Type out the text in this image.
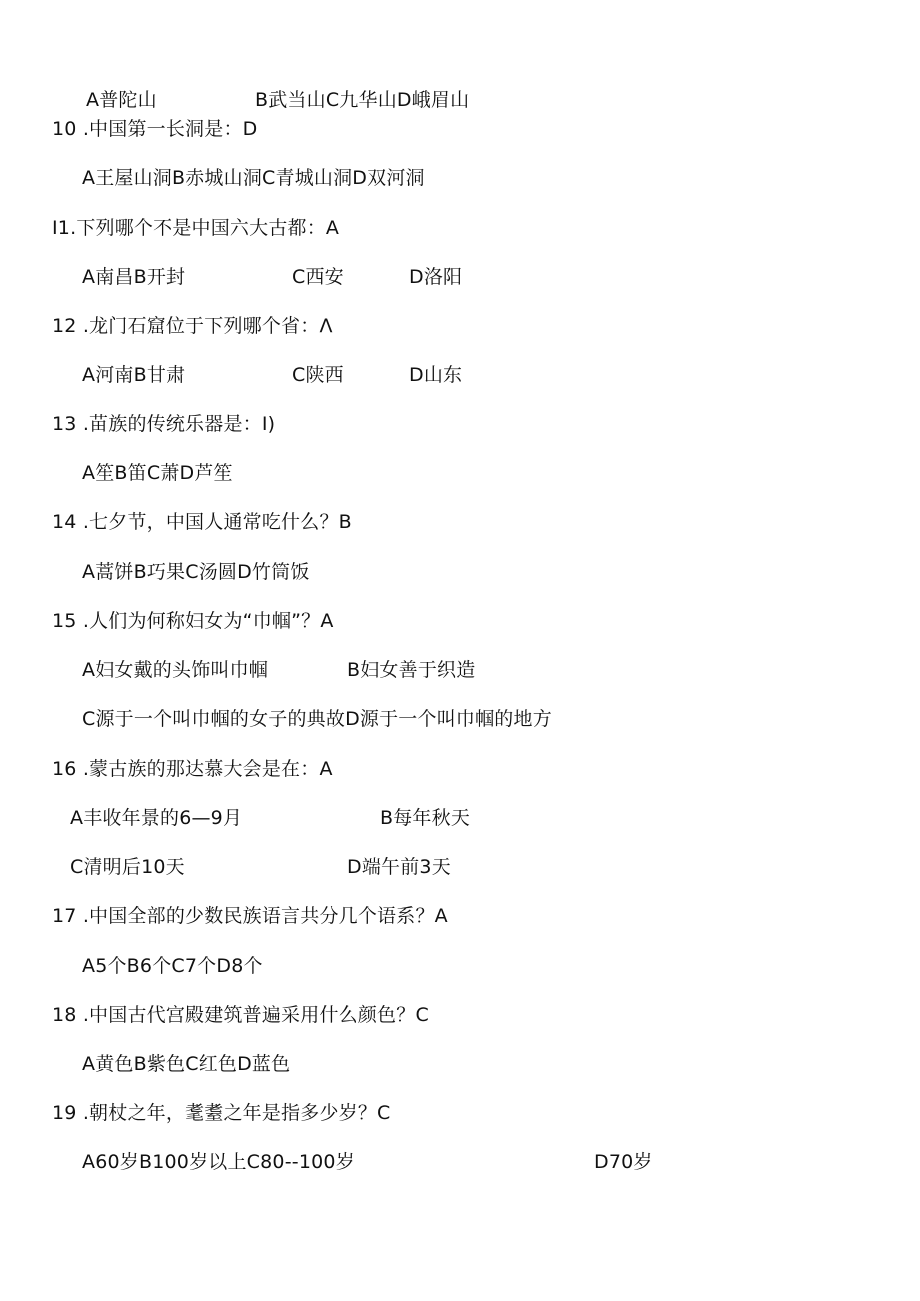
A普陀山	B武当山C九华山D峨眉山
10 .中国第一长洞是：D
A王屋山洞B赤城山洞C青城山洞D双河洞
I1.下列哪个不是中国六大古都：A
A南昌B开封	C西安	D洛阳
12 .龙门石窟位于下列哪个省：Λ
A河南B甘肃	C陕西	D山东
13 .苗族的传统乐器是：I)
A笙B笛C萧D芦笙
14 .七夕节，中国人通常吃什么？B
A蒿饼B巧果C汤圆D竹筒饭
15 .人们为何称妇女为“巾帼”？A
A妇女戴的头饰叫巾帼	B妇女善于织造
C源于一个叫巾帼的女子的典故D源于一个叫巾帼的地方
16 .蒙古族的那达慕大会是在：A
A丰收年景的6—9月	B每年秋天
C清明后10天	D端午前3天
17 .中国全部的少数民族语言共分几个语系？A
A5个B6个C7个D8个
18 .中国古代宫殿建筑普遍采用什么颜色？C
A黄色B紫色C红色D蓝色
19 .朝杖之年，耄耋之年是指多少岁？C
A60岁B100岁以上C80--100岁	D70岁
